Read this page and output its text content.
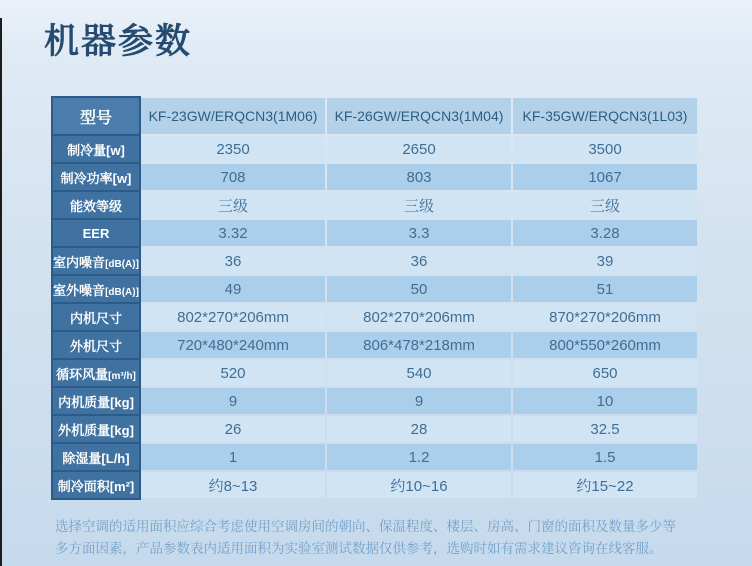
机器参数
型号	KF-23GW/ERQCN3(1M06)	KF-26GW/ERQCN3(1M04)	KF-35GW/ERQCN3(1L03)
制冷量[w]	2350	2650	3500
制冷功率[w]	708	803	1067
能效等级	三级	三级	三级
EER	3.32	3.3	3.28
室内噪音[dB(A)]	36	36	39
室外噪音[dB(A)]	49	50	51
内机尺寸	802*270*206mm	802*270*206mm	870*270*206mm
外机尺寸	720*480*240mm	806*478*218mm	800*550*260mm
循环风量[m³/h]	520	540	650
内机质量[kg]	9	9	10
外机质量[kg]	26	28	32.5
除湿量[L/h]	1	1.2	1.5
制冷面积[m²]	约8~13	约10~16	约15~22
选择空调的适用面积应综合考虑使用空调房间的朝向、保温程度、楼层、房高、门窗的面积及数量多少等
多方面因素，产品参数表内适用面积为实验室测试数据仅供参考，选购时如有需求建议咨询在线客服。
